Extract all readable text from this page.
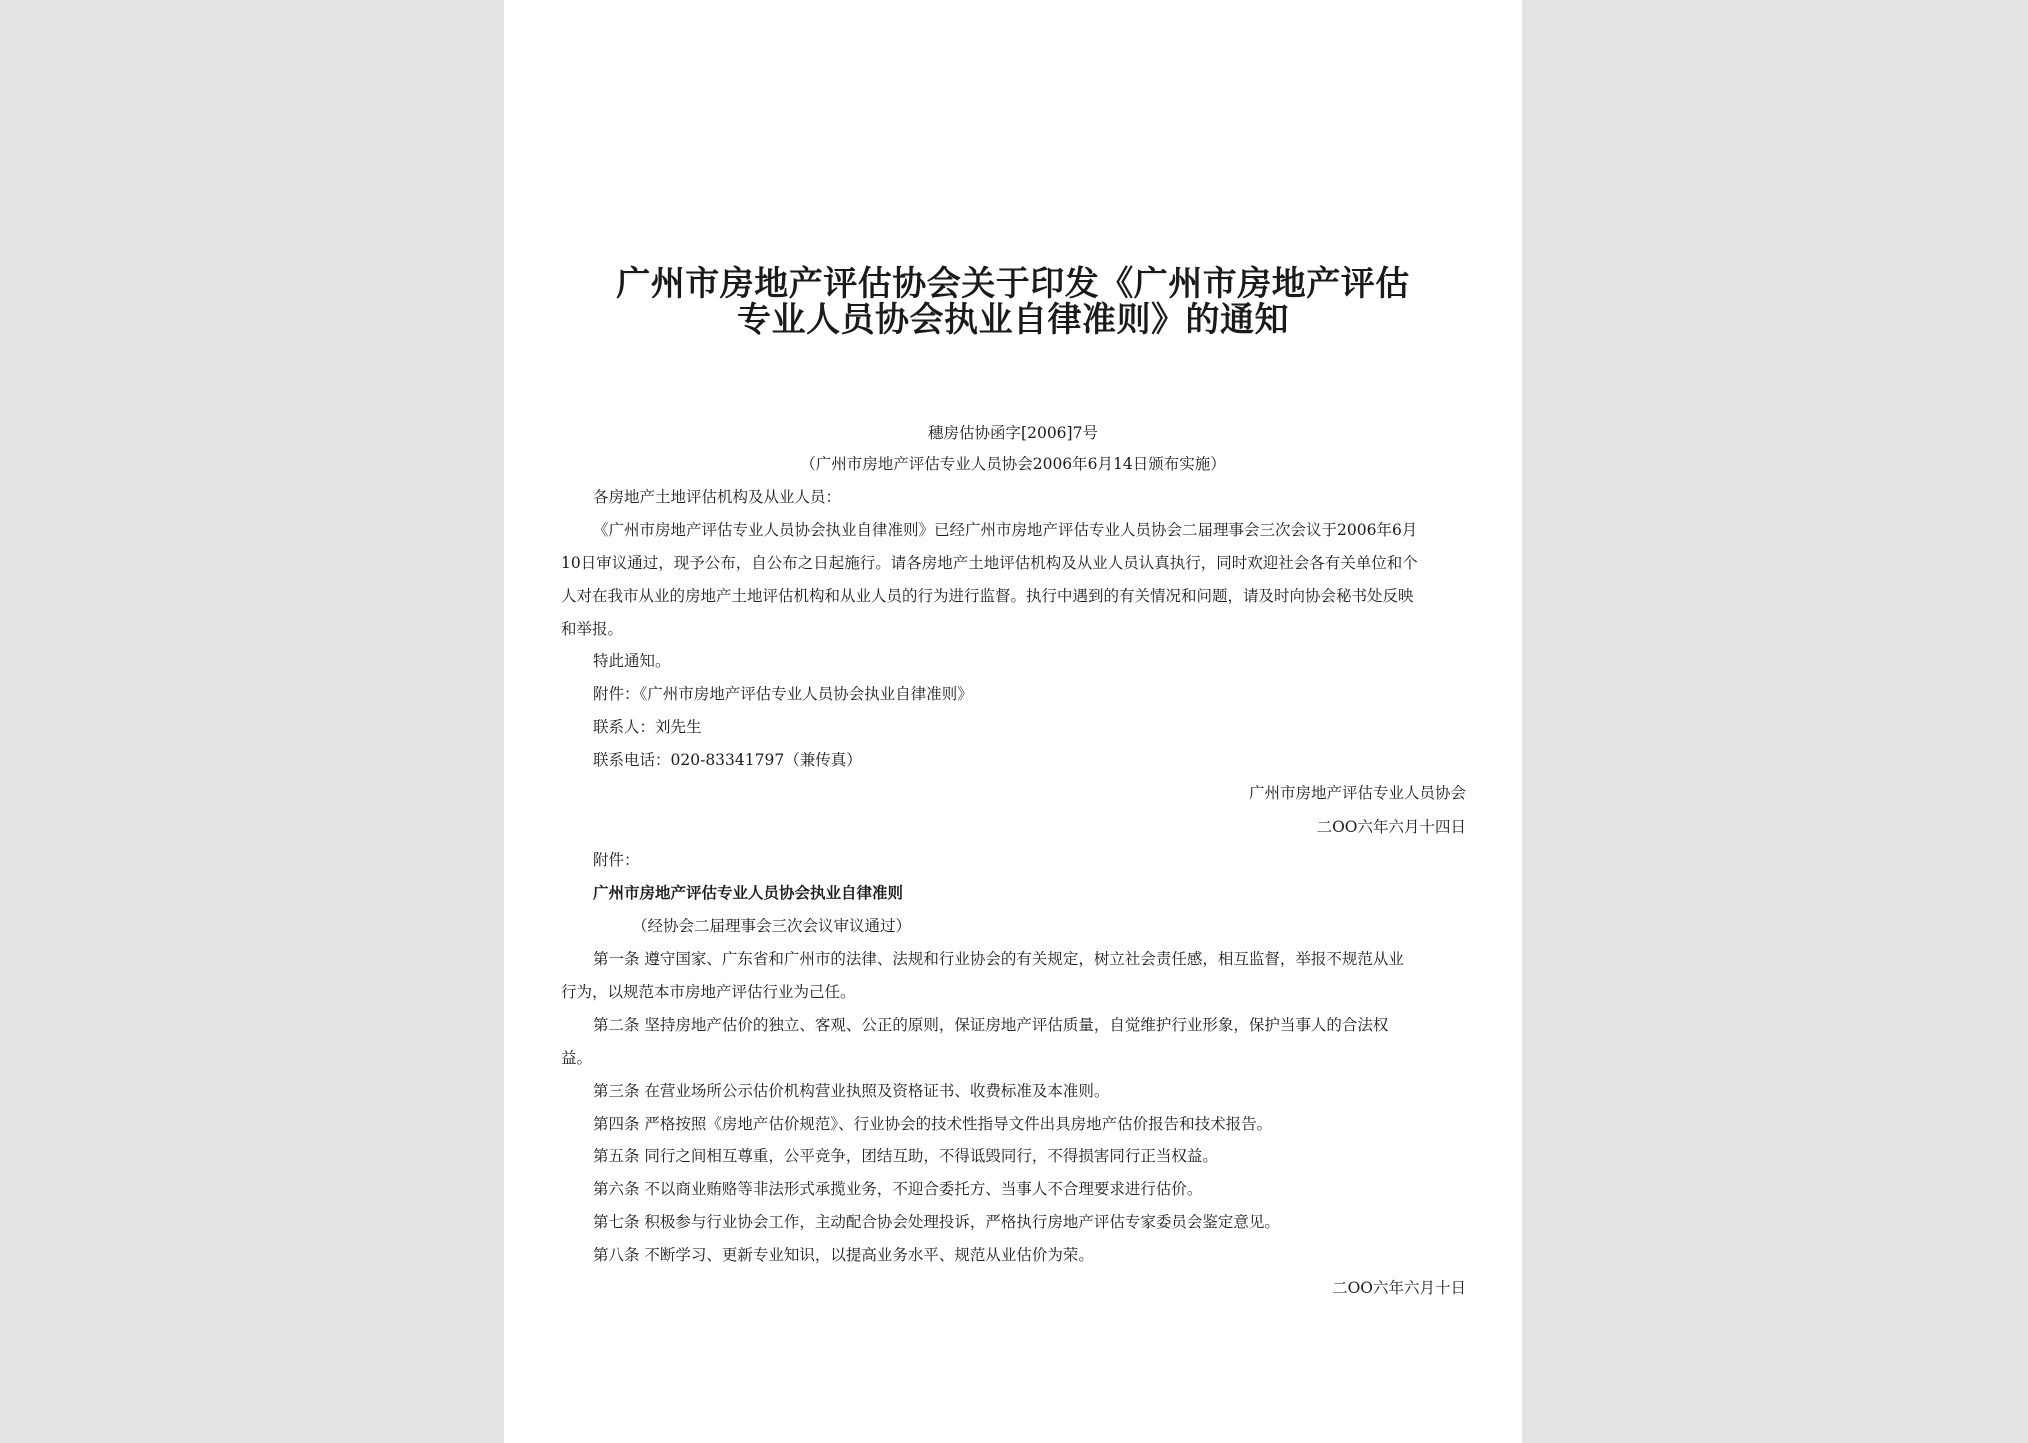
广州市房地产评估协会关于印发《广州市房地产评估
专业人员协会执业自律准则》的通知
穗房估协函字[2006]7号
（广州市房地产评估专业人员协会2006年6月14日颁布实施）
各房地产土地评估机构及从业人员：
《广州市房地产评估专业人员协会执业自律准则》已经广州市房地产评估专业人员协会二届理事会三次会议于2006年6月
10日审议通过，现予公布，自公布之日起施行。请各房地产土地评估机构及从业人员认真执行，同时欢迎社会各有关单位和个
人对在我市从业的房地产土地评估机构和从业人员的行为进行监督。执行中遇到的有关情况和问题，请及时向协会秘书处反映
和举报。
特此通知。
附件：《广州市房地产评估专业人员协会执业自律准则》
联系人：刘先生
联系电话：020-83341797（兼传真）
广州市房地产评估专业人员协会
二OO六年六月十四日
附件：
广州市房地产评估专业人员协会执业自律准则
（经协会二届理事会三次会议审议通过）
第一条 遵守国家、广东省和广州市的法律、法规和行业协会的有关规定，树立社会责任感，相互监督，举报不规范从业
行为，以规范本市房地产评估行业为己任。
第二条 坚持房地产估价的独立、客观、公正的原则，保证房地产评估质量，自觉维护行业形象，保护当事人的合法权
益。
第三条 在营业场所公示估价机构营业执照及资格证书、收费标准及本准则。
第四条 严格按照《房地产估价规范》、行业协会的技术性指导文件出具房地产估价报告和技术报告。
第五条 同行之间相互尊重，公平竞争，团结互助，不得诋毁同行，不得损害同行正当权益。
第六条 不以商业贿赂等非法形式承揽业务，不迎合委托方、当事人不合理要求进行估价。
第七条 积极参与行业协会工作，主动配合协会处理投诉，严格执行房地产评估专家委员会鉴定意见。
第八条 不断学习、更新专业知识，以提高业务水平、规范从业估价为荣。
二OO六年六月十日
